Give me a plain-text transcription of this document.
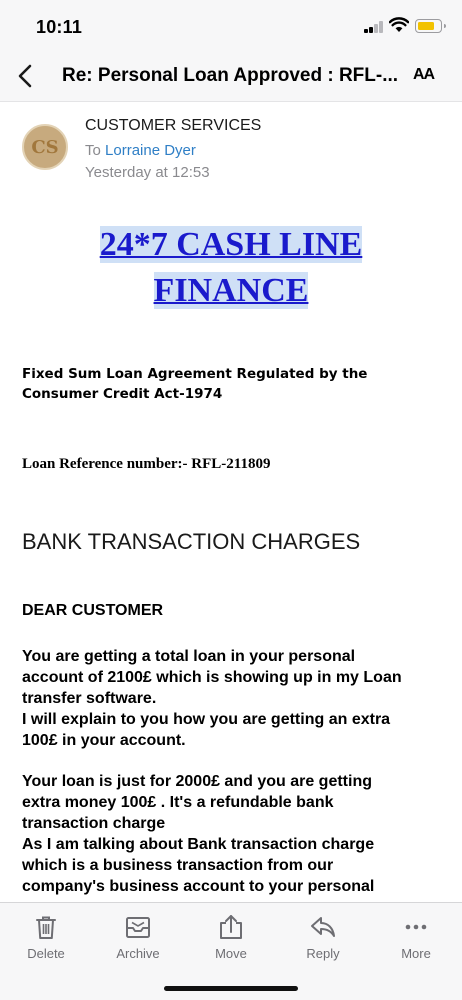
10:11
Re: Personal Loan Approved : RFL-... AA
CS
CUSTOMER SERVICES
To Lorraine Dyer
Yesterday at 12:53
24*7 CASH LINE
FINANCE
Fixed Sum Loan Agreement Regulated by the
Consumer Credit Act-1974
Loan Reference number:- RFL-211809
BANK TRANSACTION CHARGES
DEAR CUSTOMER
You are getting a total loan in your personal
account of 2100£ which is showing up in my Loan
transfer software.
I will explain to you how you are getting an extra
100£ in your account.
Your loan is just for 2000£ and you are getting
extra money 100£ . It's a refundable bank
transaction charge
As I am talking about Bank transaction charge
which is a business transaction from our
company's business account to your personal
Delete	Archive	Move	Reply	More
